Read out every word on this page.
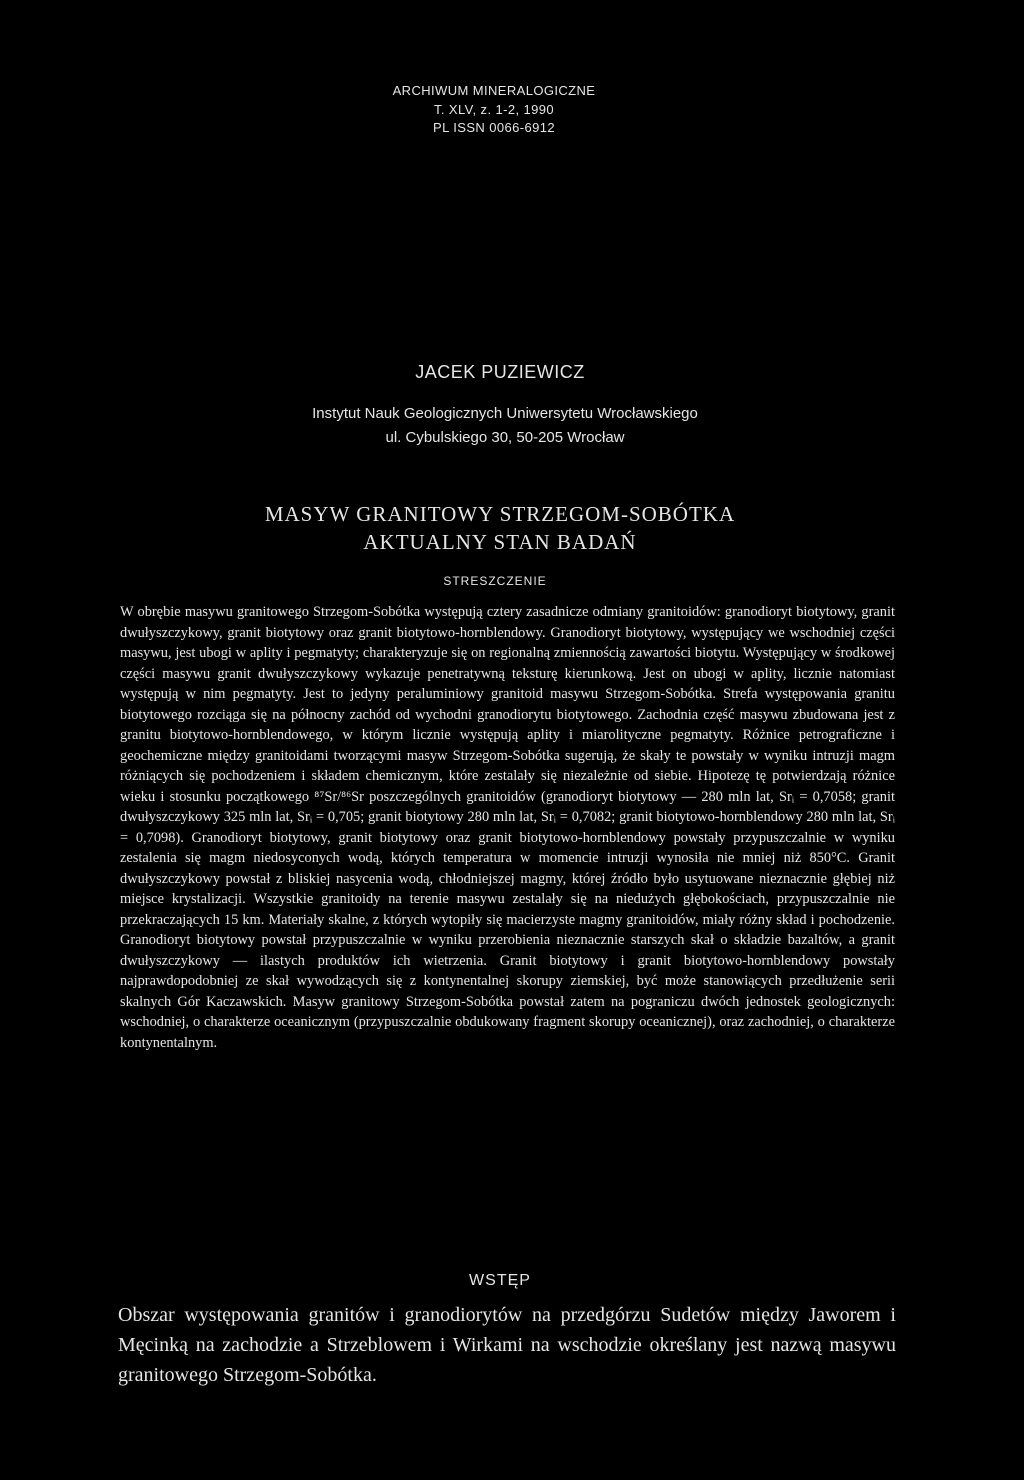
ARCHIWUM MINERALOGICZNE
T. XLV, z. 1-2, 1990
PL ISSN 0066-6912
JACEK PUZIEWICZ
Instytut Nauk Geologicznych Uniwersytetu Wrocławskiego
ul. Cybulskiego 30, 50-205 Wrocław
MASYW GRANITOWY STRZEGOM-SOBÓTKA
AKTUALNY STAN BADAŃ
STRESZCZENIE

W obrębie masywu granitowego Strzegom-Sobótka występują cztery zasadnicze odmiany granitoidów: granodioryt biotytowy, granit dwułyszczykowy, granit biotytowy oraz granit biotytowo-hornblendowy. Granodioryt biotytowy, występujący we wschodniej części masywu, jest ubogi w aplity i pegmatyty; charakteryzuje się on regionalną zmiennością zawartości biotytu. Występujący w środkowej części masywu granit dwułyszczykowy wykazuje penetratywną teksturę kierunkową. Jest on ubogi w aplity, licznie natomiast występują w nim pegmatyty. Jest to jedyny peraluminiowy granitoid masywu Strzegom-Sobótka. Strefa występowania granitu biotytowego rozciąga się na północny zachód od wychodni granodiorytu biotytowego. Zachodnia część masywu zbudowana jest z granitu biotytowo-hornblendowego, w którym licznie występują aplity i miarolityczne pegmatyty. Różnice petrograficzne i geochemiczne między granitoidami tworzącymi masyw Strzegom-Sobótka sugerują, że skały te powstały w wyniku intruzji magm różniących się pochodzeniem i składem chemicznym, które zestalały się niezależnie od siebie. Hipotezę tę potwierdzają różnice wieku i stosunku początkowego ⁸⁷Sr/⁸⁶Sr poszczególnych granitoidów (granodioryt biotytowy — 280 mln lat, Srᵢ = 0,7058; granit dwułyszczykowy 325 mln lat, Srᵢ = 0,705; granit biotytowy 280 mln lat, Srᵢ = 0,7082; granit biotytowo-hornblendowy 280 mln lat, Srᵢ = 0,7098). Granodioryt biotytowy, granit biotytowy oraz granit biotytowo-hornblendowy powstały przypuszczalnie w wyniku zestalenia się magm niedosyconych wodą, których temperatura w momencie intruzji wynosiła nie mniej niż 850°C. Granit dwułyszczykowy powstał z bliskiej nasycenia wodą, chłodniejszej magmy, której źródło było usytuowane nieznacznie głębiej niż miejsce krystalizacji. Wszystkie granitoidy na terenie masywu zestalały się na niedużych głębokościach, przypuszczalnie nie przekraczających 15 km. Materiały skalne, z których wytopiły się macierzyste magmy granitoidów, miały różny skład i pochodzenie. Granodioryt biotytowy powstał przypuszczalnie w wyniku przerobienia nieznacznie starszych skał o składzie bazaltów, a granit dwułyszczykowy — ilastych produktów ich wietrzenia. Granit biotytowy i granit biotytowo-hornblendowy powstały najprawdopodobniej ze skał wywodzących się z kontynentalnej skorupy ziemskiej, być może stanowiących przedłużenie serii skalnych Gór Kaczawskich. Masyw granitowy Strzegom-Sobótka powstał zatem na pograniczu dwóch jednostek geologicznych: wschodniej, o charakterze oceanicznym (przypuszczalnie obdukowany fragment skorupy oceanicznej), oraz zachodniej, o charakterze kontynentalnym.

WSTĘP

Obszar występowania granitów i granodiorytów na przedgórzu Sudetów między Jaworem i Męcinką na zachodzie a Strzeblowem i Wirkami na wschodzie określany jest nazwą masywu granitowego Strzegom-Sobótka.
